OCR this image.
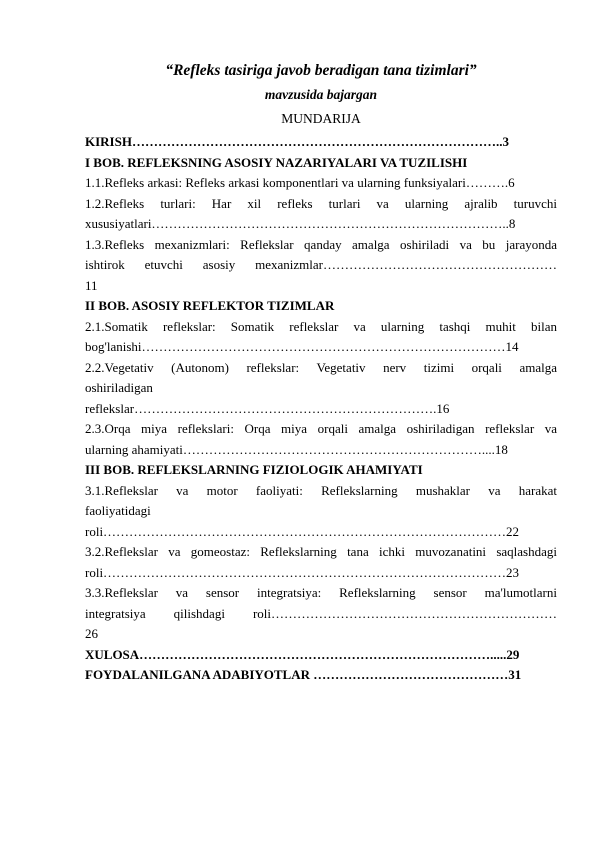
“Refleks tasiriga javob beradigan tana tizimlari”
mavzusida bajargan
MUNDARIJA
KIRISH…………………………………………………………………………..3
I BOB. REFLEKSNING ASOSIY NAZARIYALARI VA TUZILISHI
1.1.Refleks arkasi: Refleks arkasi komponentlari va ularning funksiyalari……….6
1.2.Refleks turlari: Har xil refleks turlari va ularning ajralib turuvchi
xususiyatlari………………………………………………………………………..8
1.3.Refleks mexanizmlari: Reflekslar qanday amalga oshiriladi va bu jarayonda
ishtirok etuvchi asosiy mexanizmlar………………………………………………
11
II BOB. ASOSIY REFLEKTOR TIZIMLAR
2.1.Somatik reflekslar: Somatik reflekslar va ularning tashqi muhit bilan
bog'lanishi…………………………………………………………………………14
2.2.Vegetativ (Autonom) reflekslar: Vegetativ nerv tizimi orqali amalga
oshiriladigan
reflekslar…………………………………………………………….16
2.3.Orqa miya reflekslari: Orqa miya orqali amalga oshiriladigan reflekslar va
ularning ahamiyati……………………………………………………………....18
III BOB. REFLEKSLARNING FIZIOLOGIK AHAMIYATI
3.1.Reflekslar va motor faoliyati: Reflekslarning mushaklar va harakat
faoliyatidagi
roli…………………………………………………………………………………22
3.2.Reflekslar va gomeostaz: Reflekslarning tana ichki muvozanatini saqlashdagi
roli…………………………………………………………………………………23
3.3.Reflekslar va sensor integratsiya: Reflekslarning sensor ma'lumotlarni
integratsiya qilishdagi roli…………………………………………………………
26
XULOSA……………………………………………………………………….....29
FOYDALANILGANA ADABIYOTLAR ………………………………………31
